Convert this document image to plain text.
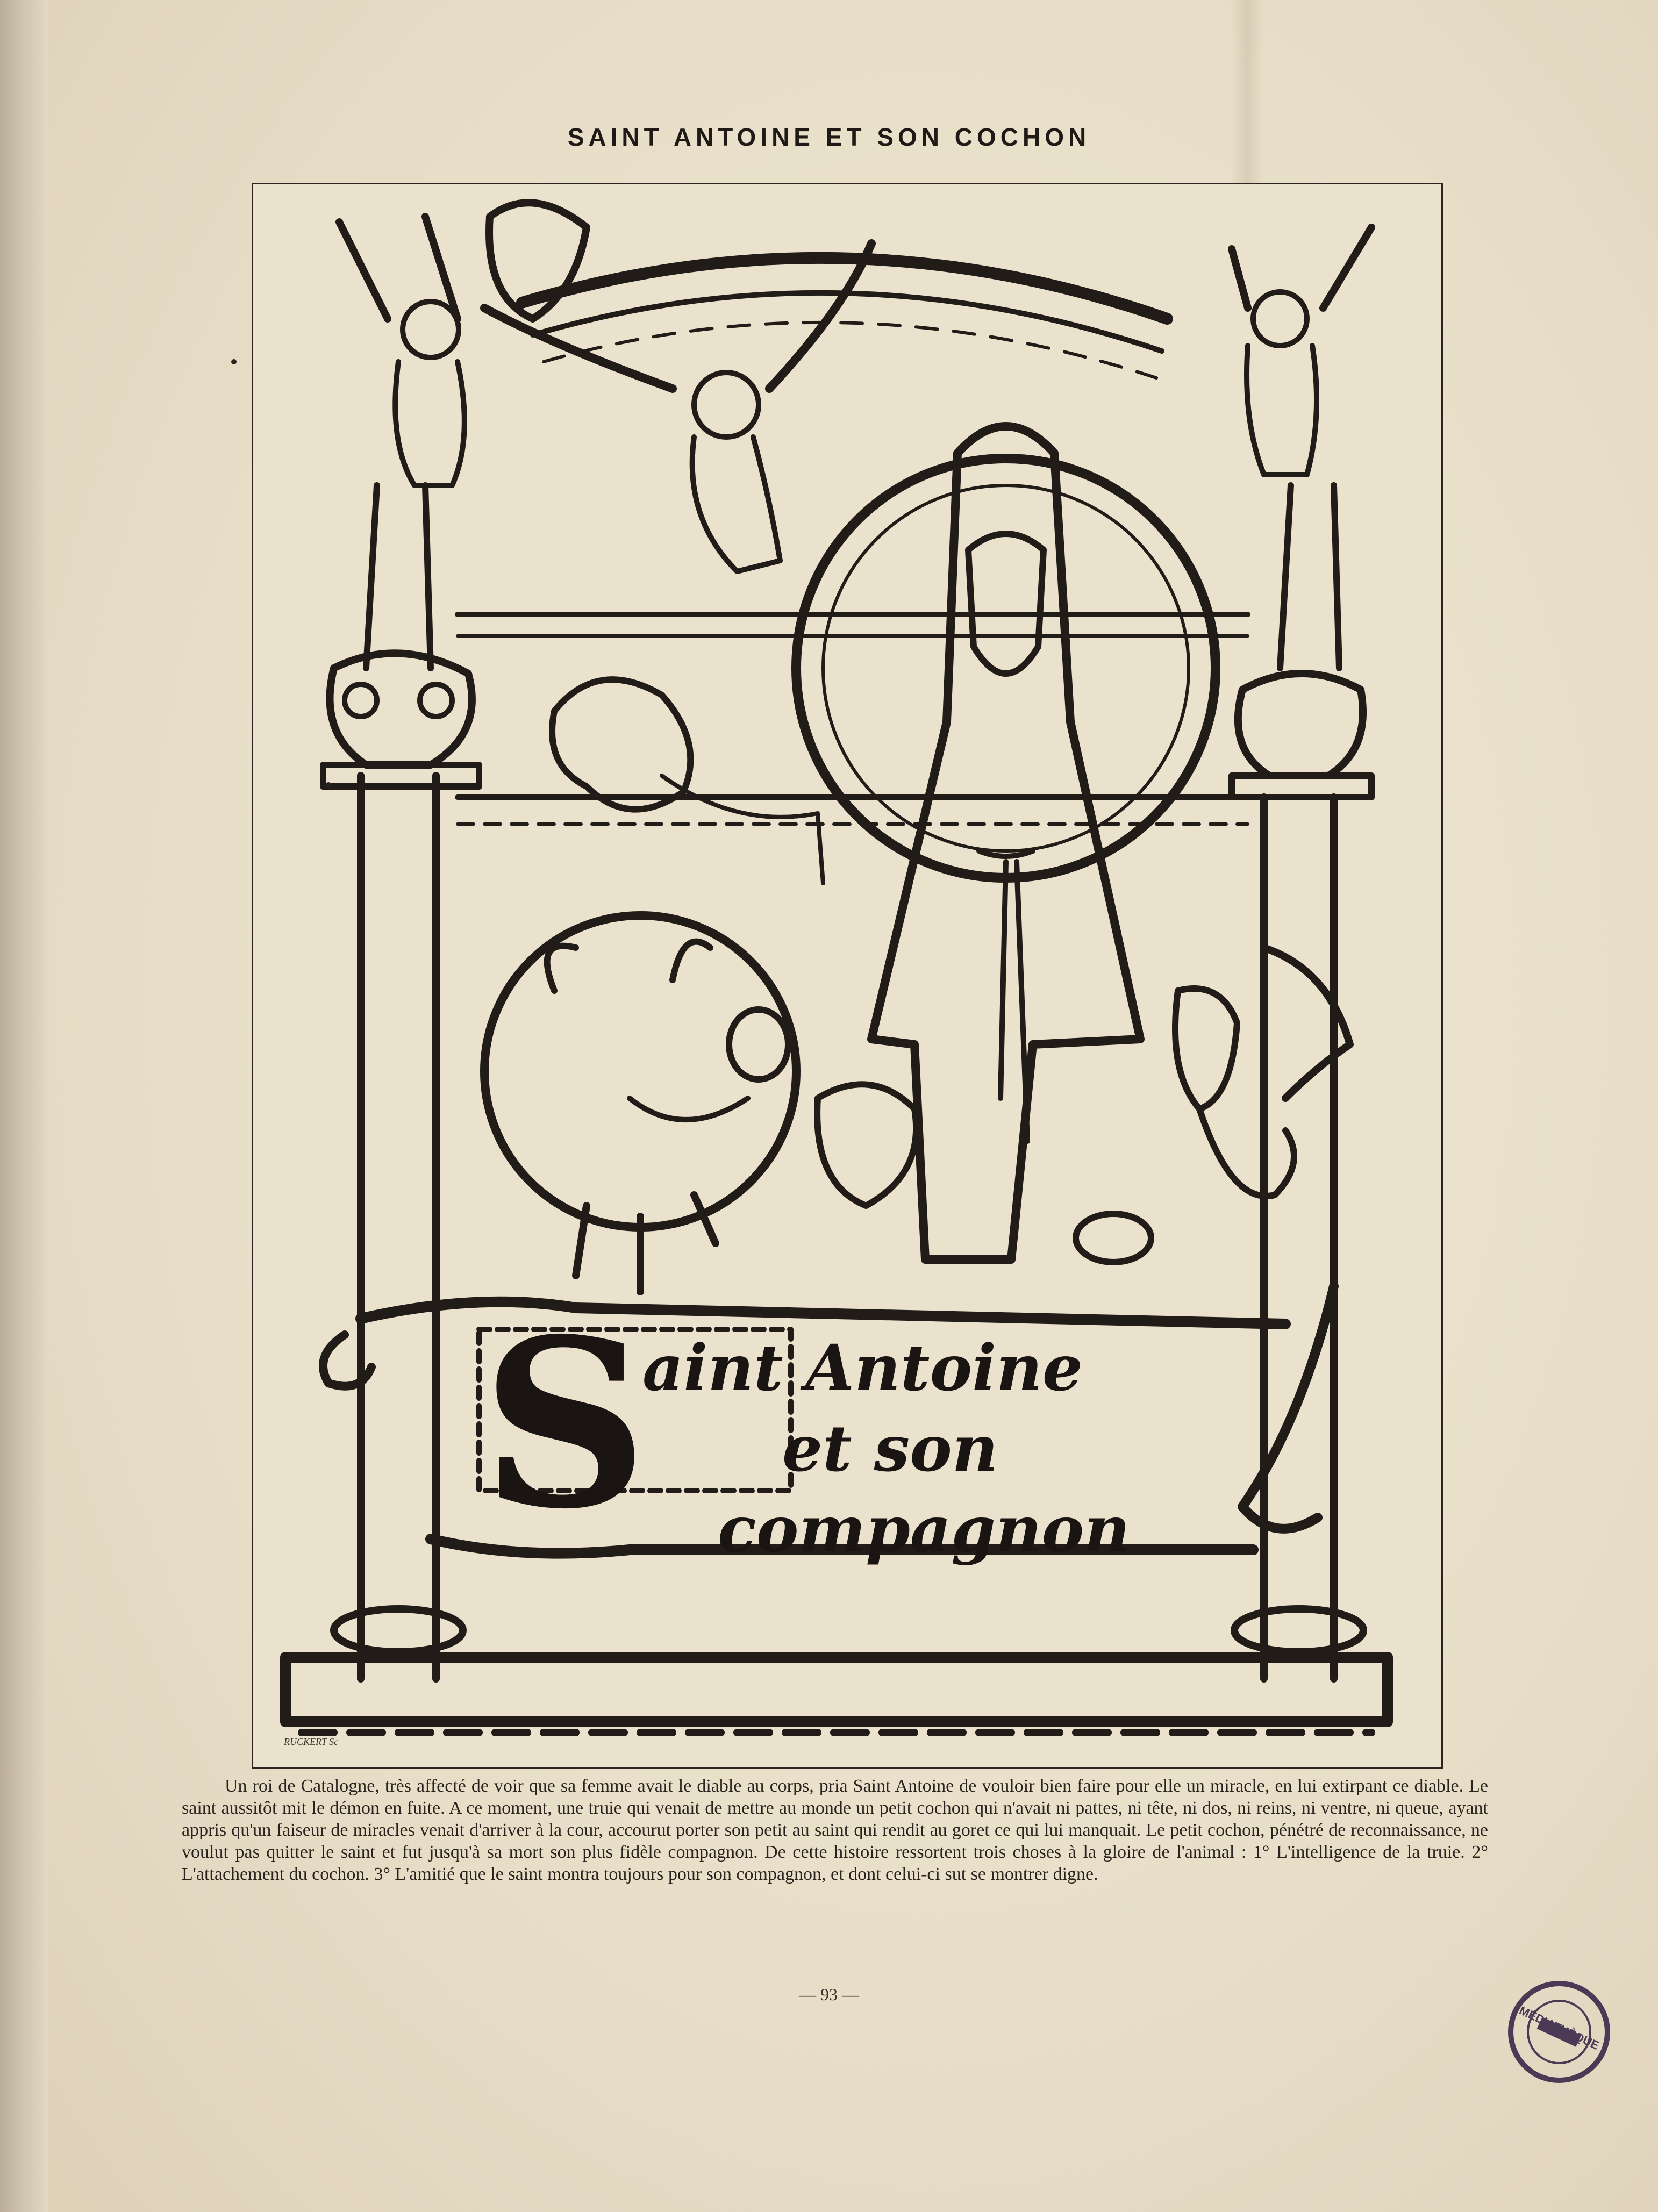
SAINT ANTOINE ET SON COCHON
S
aint Antoine
et son
compagnon
RUCKERT Sc
Un roi de Catalogne, très affecté de voir que sa femme avait le diable au corps, pria Saint Antoine de vouloir bien faire pour elle un miracle, en lui extirpant ce diable. Le saint aussitôt mit le démon en fuite. A ce moment, une truie qui venait de mettre au monde un petit cochon qui n'avait ni pattes, ni tête, ni dos, ni reins, ni ventre, ni queue, ayant appris qu'un faiseur de miracles venait d'arriver à la cour, accourut porter son petit au saint qui rendit au goret ce qui lui manquait. Le petit cochon, pénétré de reconnaissance, ne voulut pas quitter le saint et fut jusqu'à sa mort son plus fidèle compagnon. De cette histoire ressortent trois choses à la gloire de l'animal : 1° L'intelligence de la truie. 2° L'attachement du cochon. 3° L'amitié que le saint montra toujours pour son compagnon, et dont celui-ci sut se montrer digne.
— 93 —
MÉDIATHÈQUE
